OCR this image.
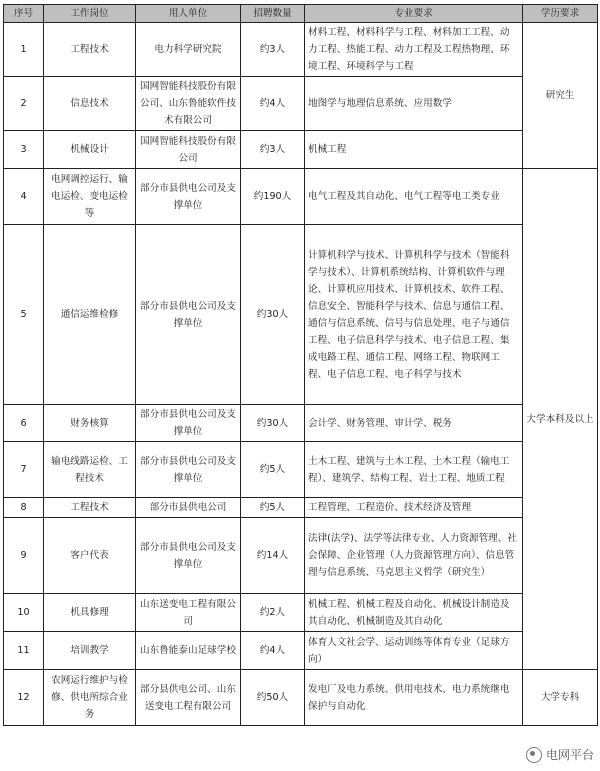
序号	工作岗位	用人单位	招聘数量	专业要求	学历要求
1	工程技术	电力科学研究院	约3人	材料工程、材料科学与工程、材料加工工程、动力工程、热能工程、动力工程及工程热物理、环境工程、环境科学与工程	研究生
2	信息技术	国网智能科技股份有限公司、山东鲁能软件技术有限公司	约4人	地图学与地理信息系统、应用数学	
3	机械设计	国网智能科技股份有限公司	约3人	机械工程	
4	电网调控运行、输电运检、变电运检等	部分市县供电公司及支撑单位	约190人	电气工程及其自动化、电气工程等电工类专业	大学本科及以上
5	通信运维检修	部分市县供电公司及支撑单位	约30人	计算机科学与技术、计算机科学与技术（智能科学与技术）、计算机系统结构、计算机软件与理论、计算机应用技术、计算机技术、软件工程、信息安全、智能科学与技术、信息与通信工程、通信与信息系统、信号与信息处理、电子与通信工程、电子信息科学与技术、电子信息工程、集成电路工程、通信工程、网络工程、物联网工程、电子信息工程、电子科学与技术	
6	财务核算	部分市县供电公司及支撑单位	约30人	会计学、财务管理、审计学、税务	
7	输电线路运检、工程技术	部分市县供电公司及支撑单位	约5人	土木工程、建筑与土木工程、土木工程（输电工程）、建筑学、结构工程、岩土工程、地质工程	
8	工程技术	部分市县供电公司	约5人	工程管理、工程造价、技术经济及管理	
9	客户代表	部分市县供电公司及支撑单位	约14人	法律(法学)、法学等法律专业、人力资源管理、社会保障、企业管理（人力资源管理方向）、信息管理与信息系统、马克思主义哲学（研究生）	
10	机具修理	山东送变电工程有限公司	约2人	机械工程、机械工程及自动化、机械设计制造及其自动化、机械制造及其自动化	
11	培训教学	山东鲁能泰山足球学校	约4人	体育人文社会学、运动训练等体育专业（足球方向）	
12	农网运行维护与检修、供电所综合业务	部分县供电公司、山东送变电工程有限公司	约50人	发电厂及电力系统、供用电技术、电力系统继电保护与自动化	大学专科
电网平台
